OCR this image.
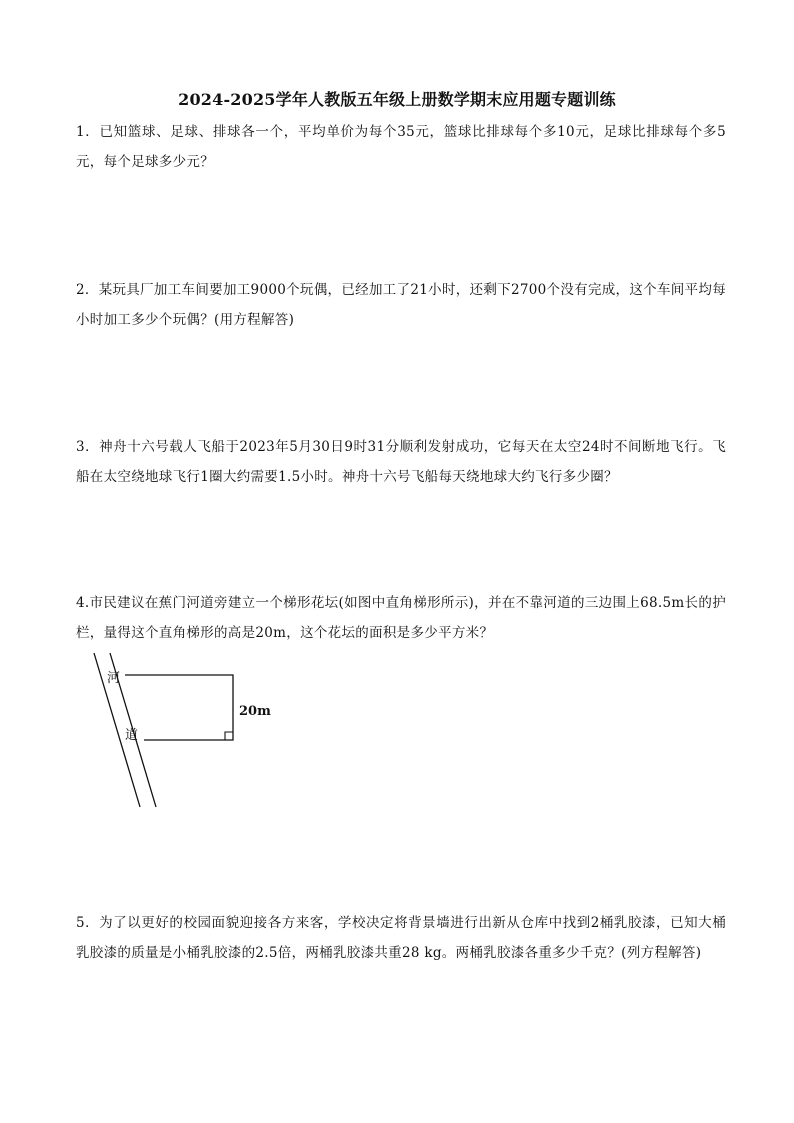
2024-2025学年人教版五年级上册数学期末应用题专题训练
1．已知篮球、足球、排球各一个，平均单价为每个35元，篮球比排球每个多10元，足球比排球每个多5元，每个足球多少元？
2．某玩具厂加工车间要加工9000个玩偶，已经加工了21小时，还剩下2700个没有完成，这个车间平均每小时加工多少个玩偶？(用方程解答)
3．神舟十六号载人飞船于2023年5月30日9时31分顺利发射成功，它每天在太空24时不间断地飞行。飞船在太空绕地球飞行1圈大约需要1.5小时。神舟十六号飞船每天绕地球大约飞行多少圈？
4.市民建议在蕉门河道旁建立一个梯形花坛(如图中直角梯形所示)，并在不靠河道的三边围上68.5m长的护栏，量得这个直角梯形的高是20m，这个花坛的面积是多少平方米？
河
道
20m
5．为了以更好的校园面貌迎接各方来客，学校决定将背景墙进行出新从仓库中找到2桶乳胶漆，已知大桶乳胶漆的质量是小桶乳胶漆的2.5倍，两桶乳胶漆共重28 kg。两桶乳胶漆各重多少千克？(列方程解答)
